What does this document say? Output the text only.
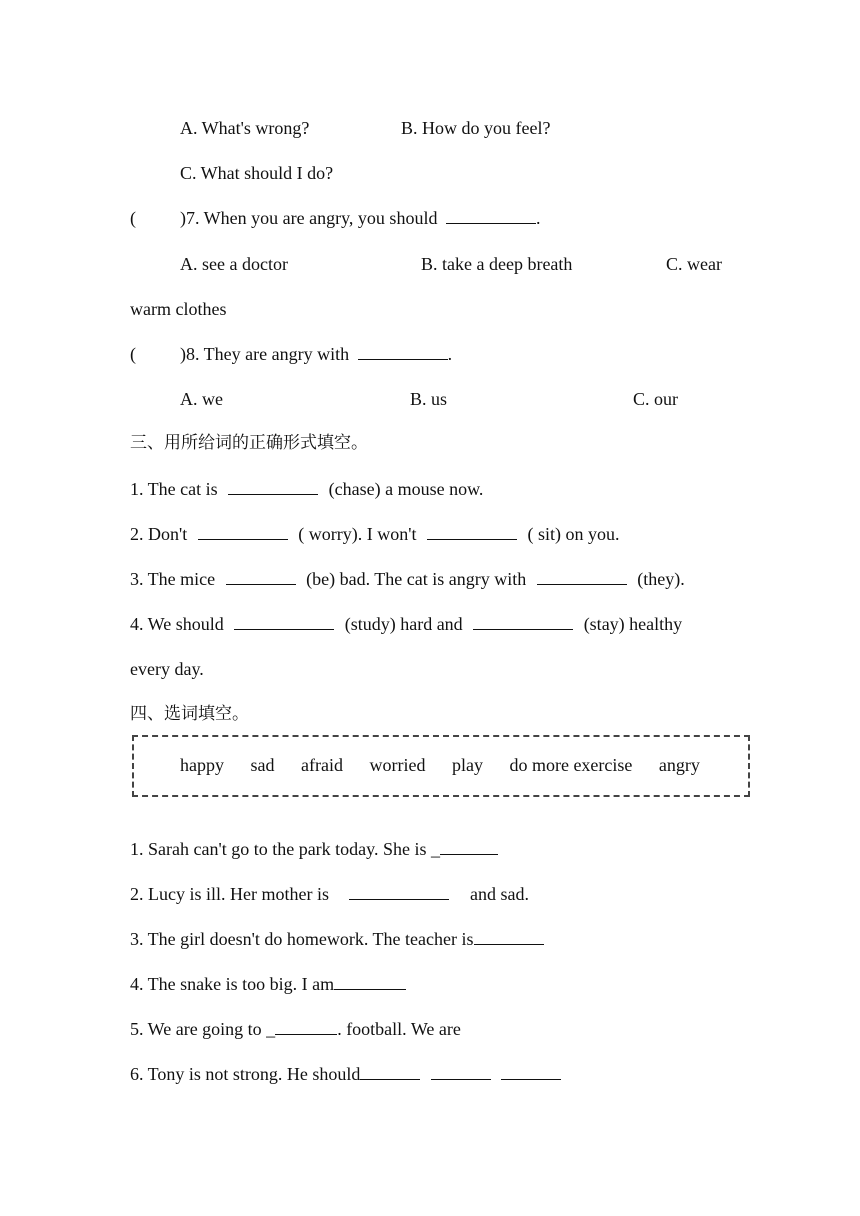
A. What's wrong?	B. How do you feel?
C. What should I do?
( )7. When you are angry, you should	.
A. see a doctor	B. take a deep breath	C. wear
warm clothes
( )8. They are angry with	.
A. we	B. us	C. our
三、用所给词的正确形式填空。
1. The cat is	(chase) a mouse now.
2. Don't	( worry). I won't	( sit) on you.
3. The mice	(be) bad. The cat is angry with	(they).
4. We should	(study) hard and	(stay) healthy
every day.
四、选词填空。
happy sad afraid worried play do more exercise angry
1. Sarah can't go to the park today. She is _
2. Lucy is ill. Her mother is	and sad.
3. The girl doesn't do homework. The teacher is
4. The snake is too big. I am
5. We are going to _	. football. We are
6. Tony is not strong. He should
